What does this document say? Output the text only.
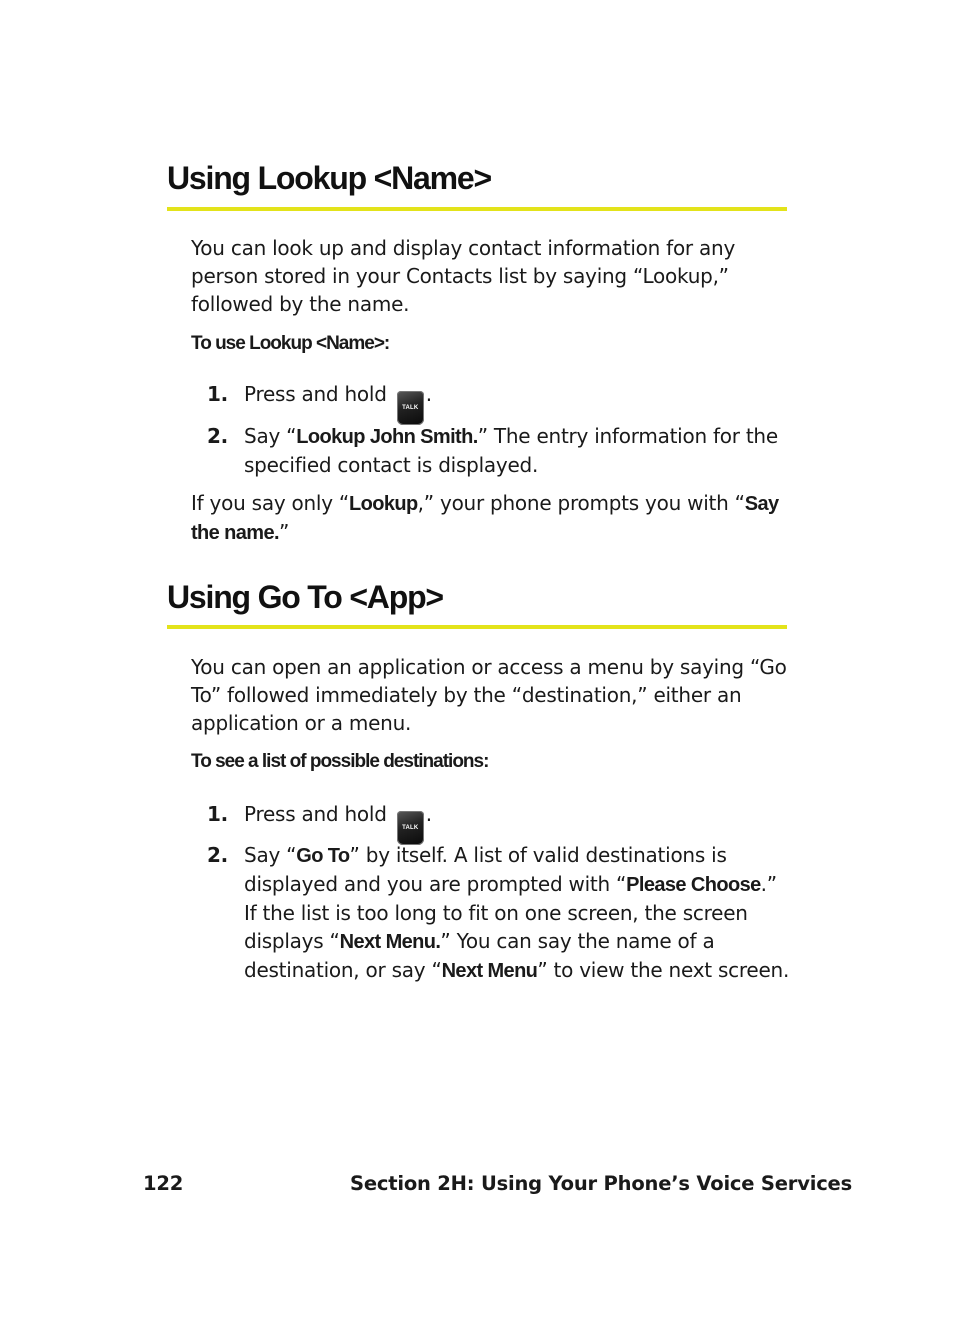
Using Lookup <Name>

You can look up and display contact information for any person stored in your Contacts list by saying “Lookup,” followed by the name.

To use Lookup <Name>:

1. Press and hold TALK.
2. Say “Lookup John Smith.” The entry information for the specified contact is displayed.

If you say only “Lookup,” your phone prompts you with “Say the name.”

Using Go To <App>

You can open an application or access a menu by saying “Go To” followed immediately by the “destination,” either an application or a menu.

To see a list of possible destinations:

1. Press and hold TALK.
2. Say “Go To” by itself. A list of valid destinations is displayed and you are prompted with “Please Choose.” If the list is too long to fit on one screen, the screen displays “Next Menu.” You can say the name of a destination, or say “Next Menu” to view the next screen.
122	Section 2H: Using Your Phone’s Voice Services
